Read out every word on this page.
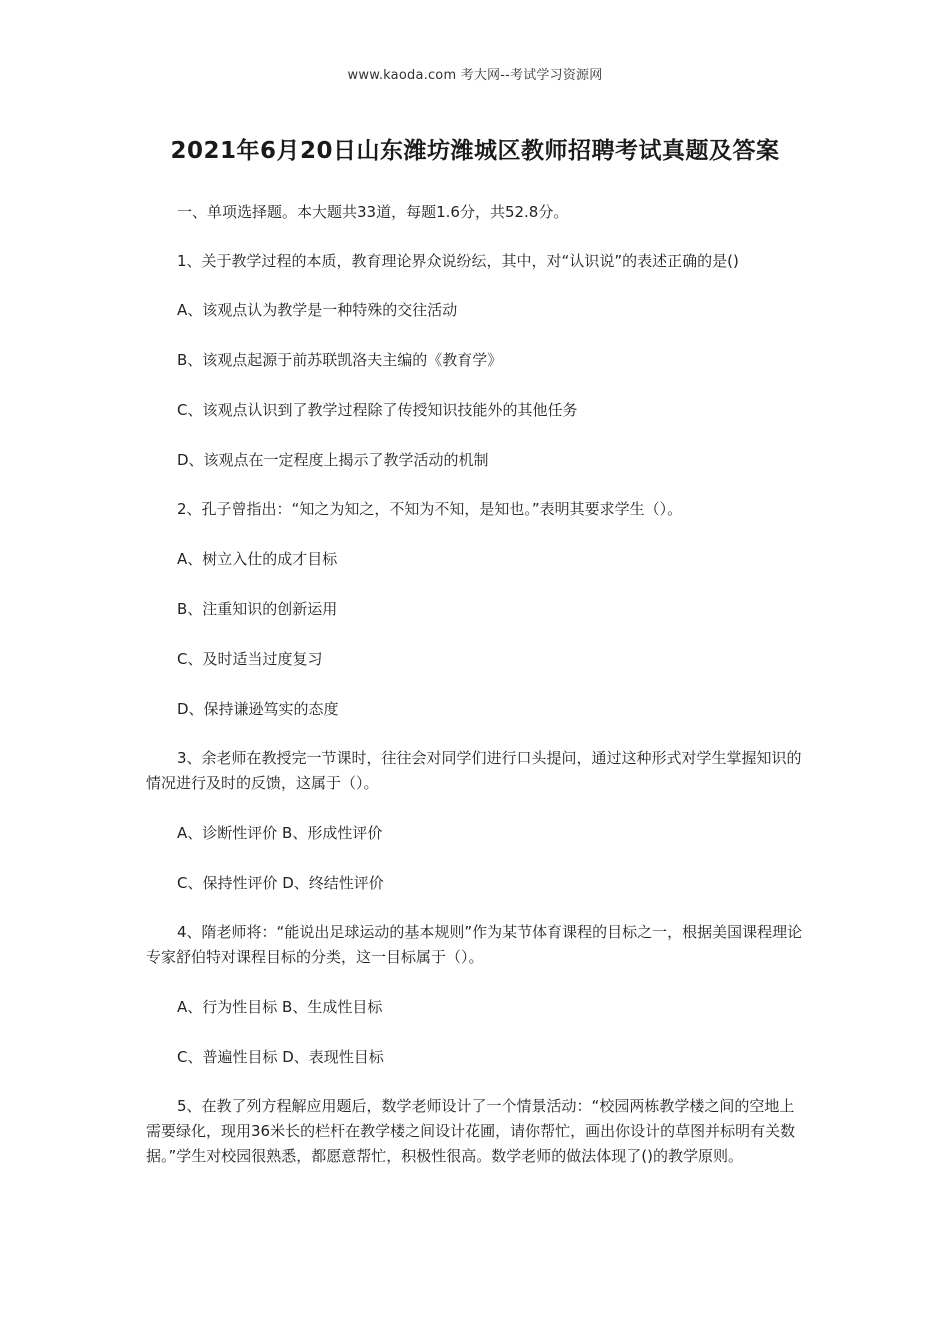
www.kaoda.com 考大网--考试学习资源网
2021年6月20日山东潍坊潍城区教师招聘考试真题及答案

一、单项选择题。本大题共33道，每题1.6分，共52.8分。

1、关于教学过程的本质，教育理论界众说纷纭，其中，对“认识说”的表述正确的是()

A、该观点认为教学是一种特殊的交往活动

B、该观点起源于前苏联凯洛夫主编的《教育学》

C、该观点认识到了教学过程除了传授知识技能外的其他任务

D、该观点在一定程度上揭示了教学活动的机制

2、孔子曾指出：“知之为知之，不知为不知，是知也。”表明其要求学生（）。

A、树立入仕的成才目标

B、注重知识的创新运用

C、及时适当过度复习

D、保持谦逊笃实的态度

3、余老师在教授完一节课时，往往会对同学们进行口头提问，通过这种形式对学生掌握知识的情况进行及时的反馈，这属于（）。

A、诊断性评价 B、形成性评价

C、保持性评价 D、终结性评价

4、隋老师将：“能说出足球运动的基本规则”作为某节体育课程的目标之一，根据美国课程理论专家舒伯特对课程目标的分类，这一目标属于（）。

A、行为性目标 B、生成性目标

C、普遍性目标 D、表现性目标

5、在教了列方程解应用题后，数学老师设计了一个情景活动：“校园两栋教学楼之间的空地上需要绿化，现用36米长的栏杆在教学楼之间设计花圃，请你帮忙，画出你设计的草图并标明有关数据。”学生对校园很熟悉，都愿意帮忙，积极性很高。数学老师的做法体现了()的教学原则。
